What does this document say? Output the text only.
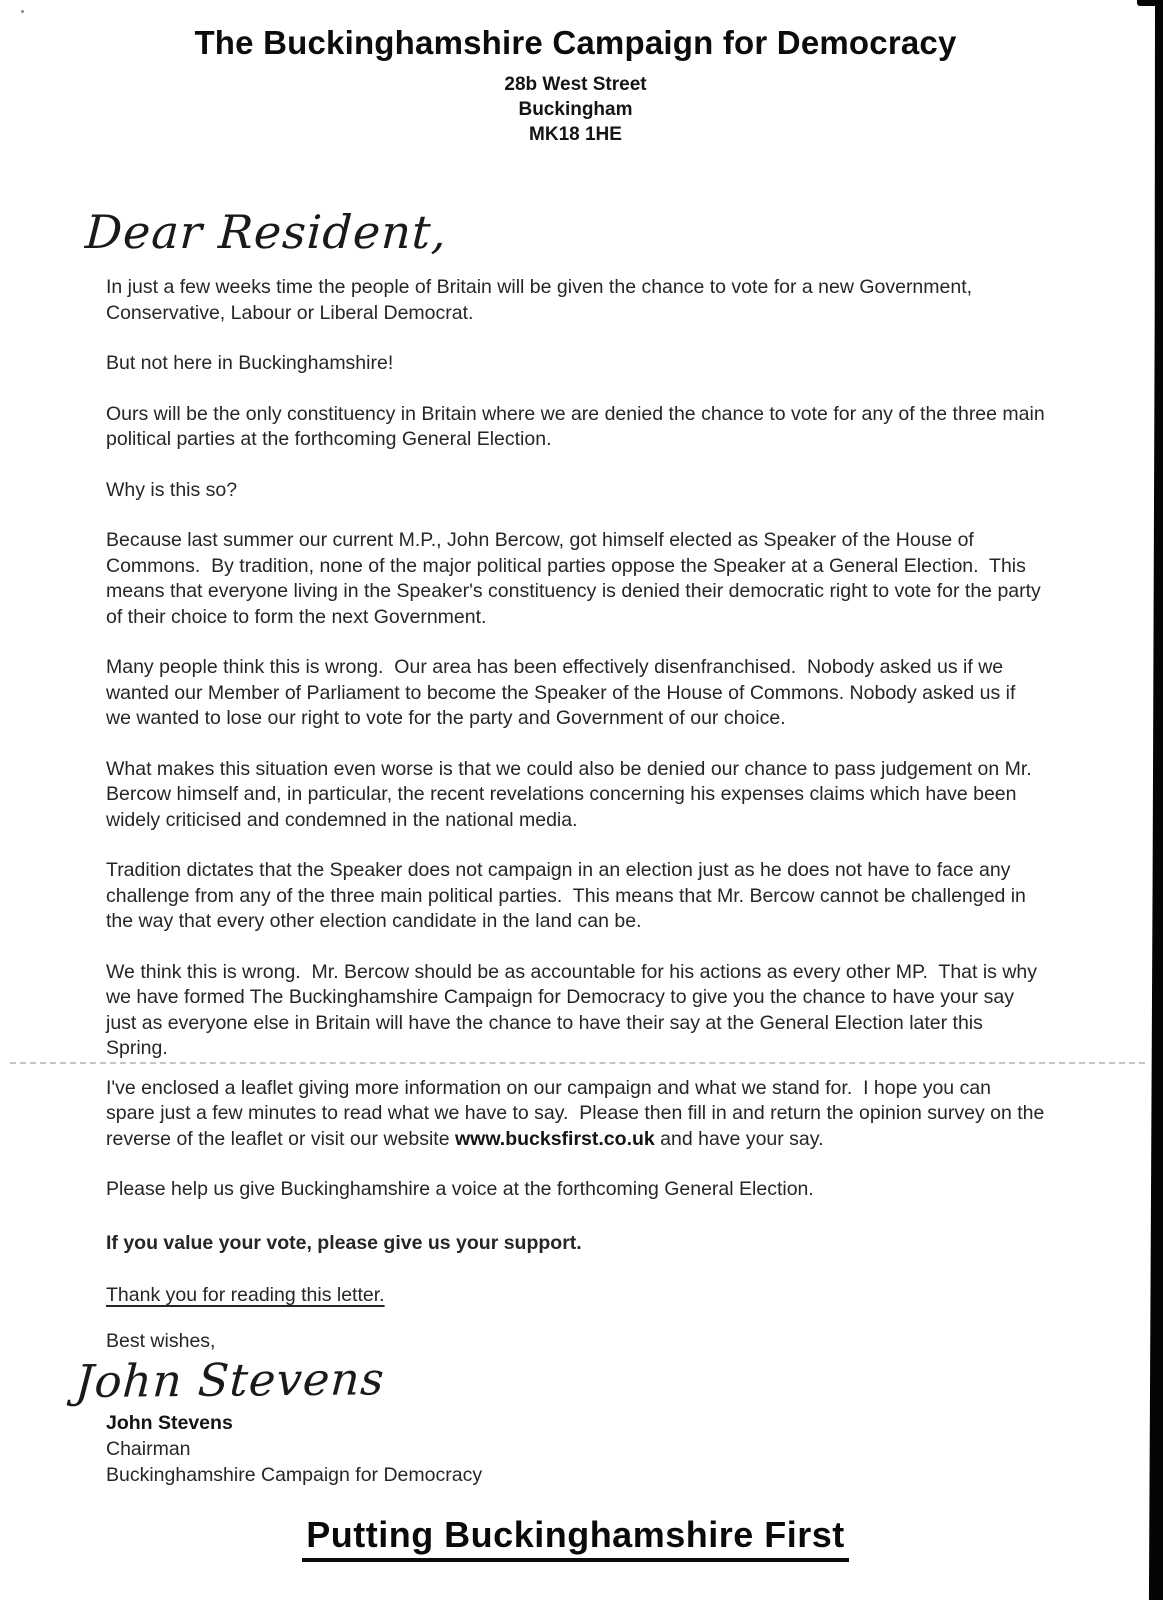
The Buckinghamshire Campaign for Democracy
28b West Street
Buckingham
MK18 1HE
Dear Resident,

In just a few weeks time the people of Britain will be given the chance to vote for a new Government, Conservative, Labour or Liberal Democrat.

But not here in Buckinghamshire!

Ours will be the only constituency in Britain where we are denied the chance to vote for any of the three main political parties at the forthcoming General Election.

Why is this so?

Because last summer our current M.P., John Bercow, got himself elected as Speaker of the House of Commons.  By tradition, none of the major political parties oppose the Speaker at a General Election.  This means that everyone living in the Speaker's constituency is denied their democratic right to vote for the party of their choice to form the next Government.

Many people think this is wrong.  Our area has been effectively disenfranchised.  Nobody asked us if we wanted our Member of Parliament to become the Speaker of the House of Commons. Nobody asked us if we wanted to lose our right to vote for the party and Government of our choice.

What makes this situation even worse is that we could also be denied our chance to pass judgement on Mr. Bercow himself and, in particular, the recent revelations concerning his expenses claims which have been widely criticised and condemned in the national media.

Tradition dictates that the Speaker does not campaign in an election just as he does not have to face any challenge from any of the three main political parties.  This means that Mr. Bercow cannot be challenged in the way that every other election candidate in the land can be.

We think this is wrong.  Mr. Bercow should be as accountable for his actions as every other MP.  That is why we have formed The Buckinghamshire Campaign for Democracy to give you the chance to have your say just as everyone else in Britain will have the chance to have their say at the General Election later this Spring.

I've enclosed a leaflet giving more information on our campaign and what we stand for.  I hope you can spare just a few minutes to read what we have to say.  Please then fill in and return the opinion survey on the reverse of the leaflet or visit our website www.bucksfirst.co.uk and have your say.

Please help us give Buckinghamshire a voice at the forthcoming General Election.

If you value your vote, please give us your support.

Thank you for reading this letter.

Best wishes,
John Stevens
John Stevens
Chairman
Buckinghamshire Campaign for Democracy
Putting Buckinghamshire First
